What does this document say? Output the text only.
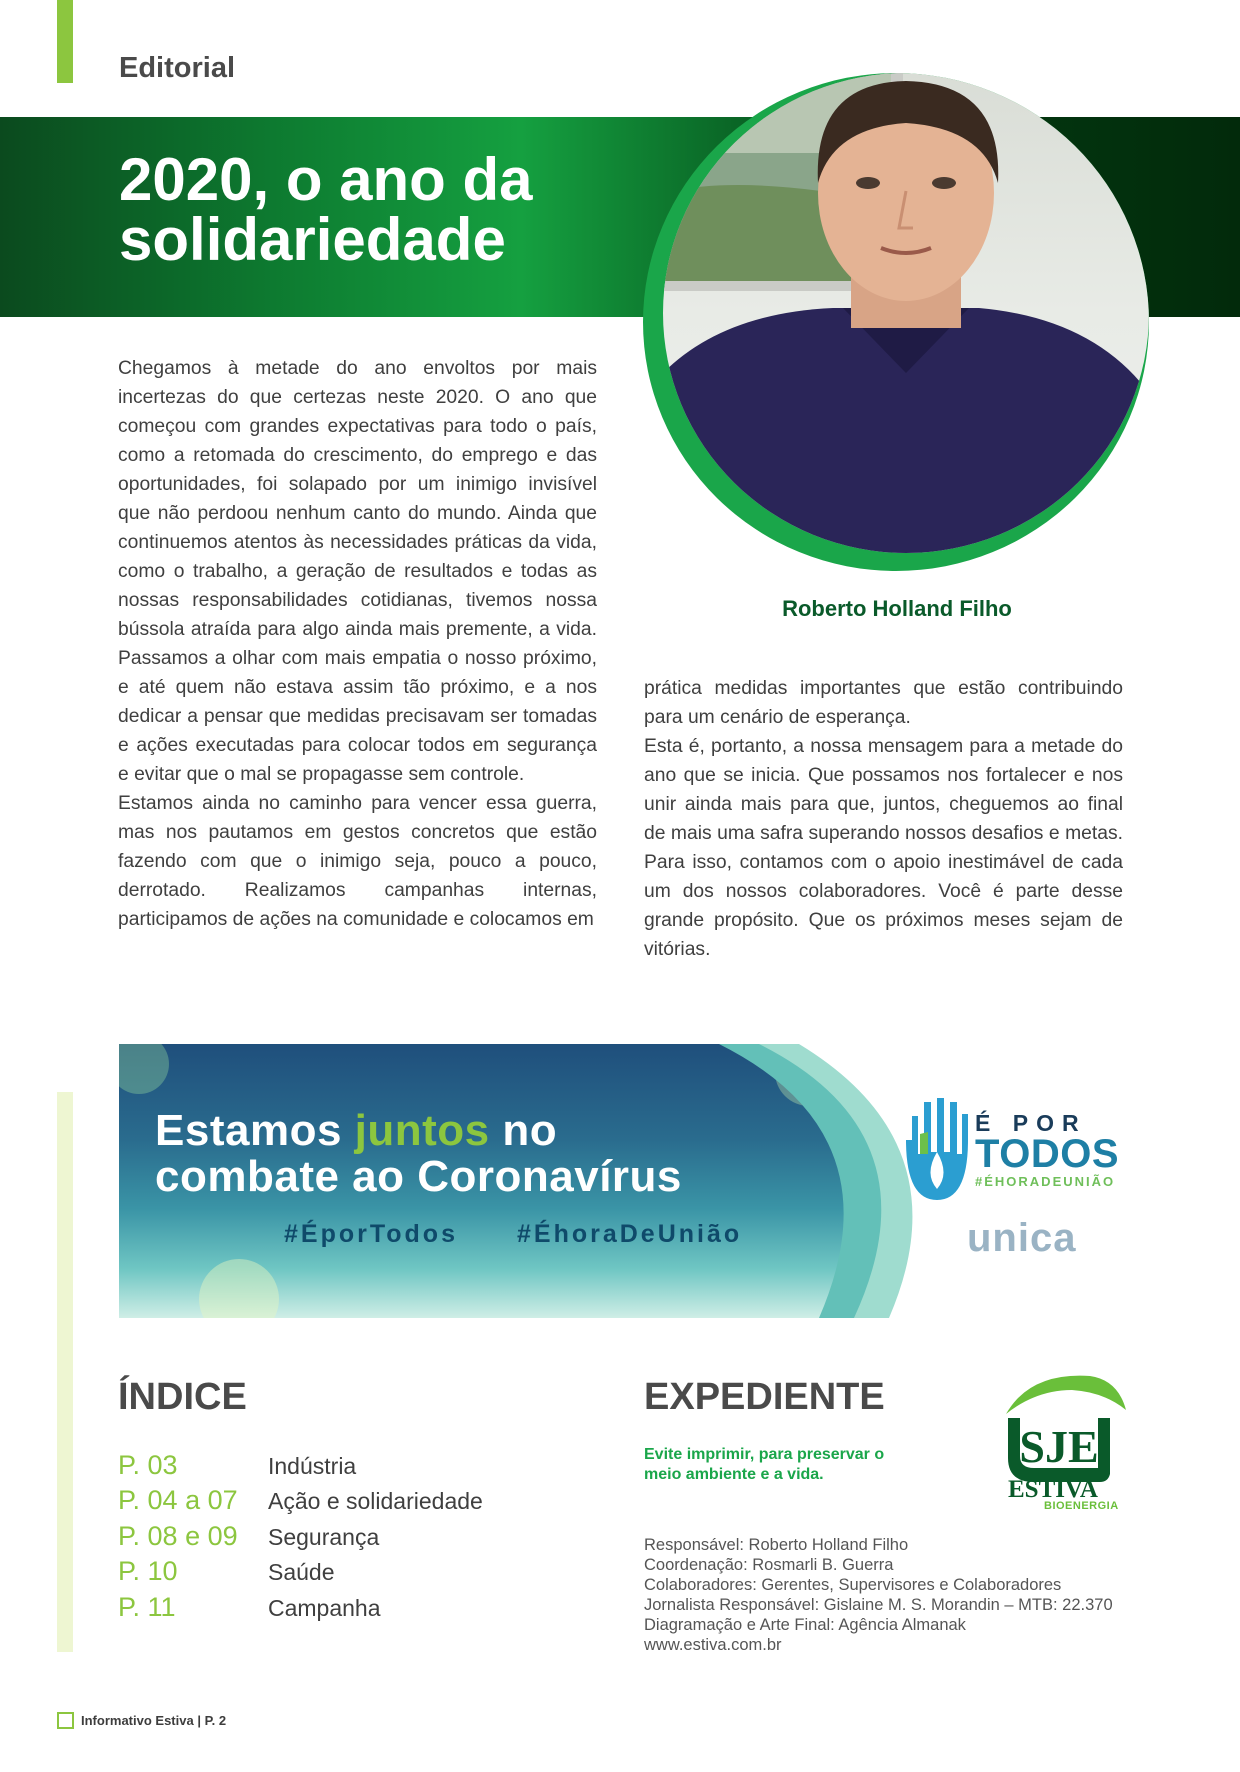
Editorial
2020, o ano da
solidariedade
Roberto Holland Filho

Chegamos à metade do ano envoltos por mais incertezas do que certezas neste 2020. O ano que começou com grandes expectativas para todo o país, como a retomada do crescimento, do emprego e das oportunidades, foi solapado por um inimigo invisível que não perdoou nenhum canto do mundo. Ainda que continuemos atentos às necessidades práticas da vida, como o trabalho, a geração de resultados e todas as nossas responsabilidades cotidianas, tivemos nossa bússola atraída para algo ainda mais premente, a vida. Passamos a olhar com mais empatia o nosso próximo, e até quem não estava assim tão próximo, e a nos dedicar a pensar que medidas precisavam ser tomadas e ações executadas para colocar todos em segurança e evitar que o mal se propagasse sem controle.

Estamos ainda no caminho para vencer essa guerra, mas nos pautamos em gestos concretos que estão fazendo com que o inimigo seja, pouco a pouco, derrotado. Realizamos campanhas internas, participamos de ações na comunidade e colocamos em

prática medidas importantes que estão contribuindo para um cenário de esperança.

Esta é, portanto, a nossa mensagem para a metade do ano que se inicia. Que possamos nos fortalecer e nos unir ainda mais para que, juntos, cheguemos ao final de mais uma safra superando nossos desafios e metas. Para isso, contamos com o apoio inestimável de cada um dos nossos colaboradores. Você é parte desse grande propósito. Que os próximos meses sejam de vitórias.

Estamos juntos no
combate ao Coronavírus
#ÉporTodos #ÉhoraDeUnião
É POR
TODOS
#ÉHORADEUNIÃO
unica
ÍNDICE
P. 03	Indústria
P. 04 a 07 Ação e solidariedade
P. 08 e 09 Segurança
P. 10	Saúde
P. 11	Campanha
EXPEDIENTE
Evite imprimir, para preservar o meio ambiente e a vida.
SJE
ESTIVA
BIOENERGIA
Responsável: Roberto Holland Filho
Coordenação: Rosmarli B. Guerra
Colaboradores: Gerentes, Supervisores e Colaboradores
Jornalista Responsável: Gislaine M. S. Morandin – MTB: 22.370
Diagramação e Arte Final: Agência Almanak
www.estiva.com.br
Informativo Estiva | P. 2
